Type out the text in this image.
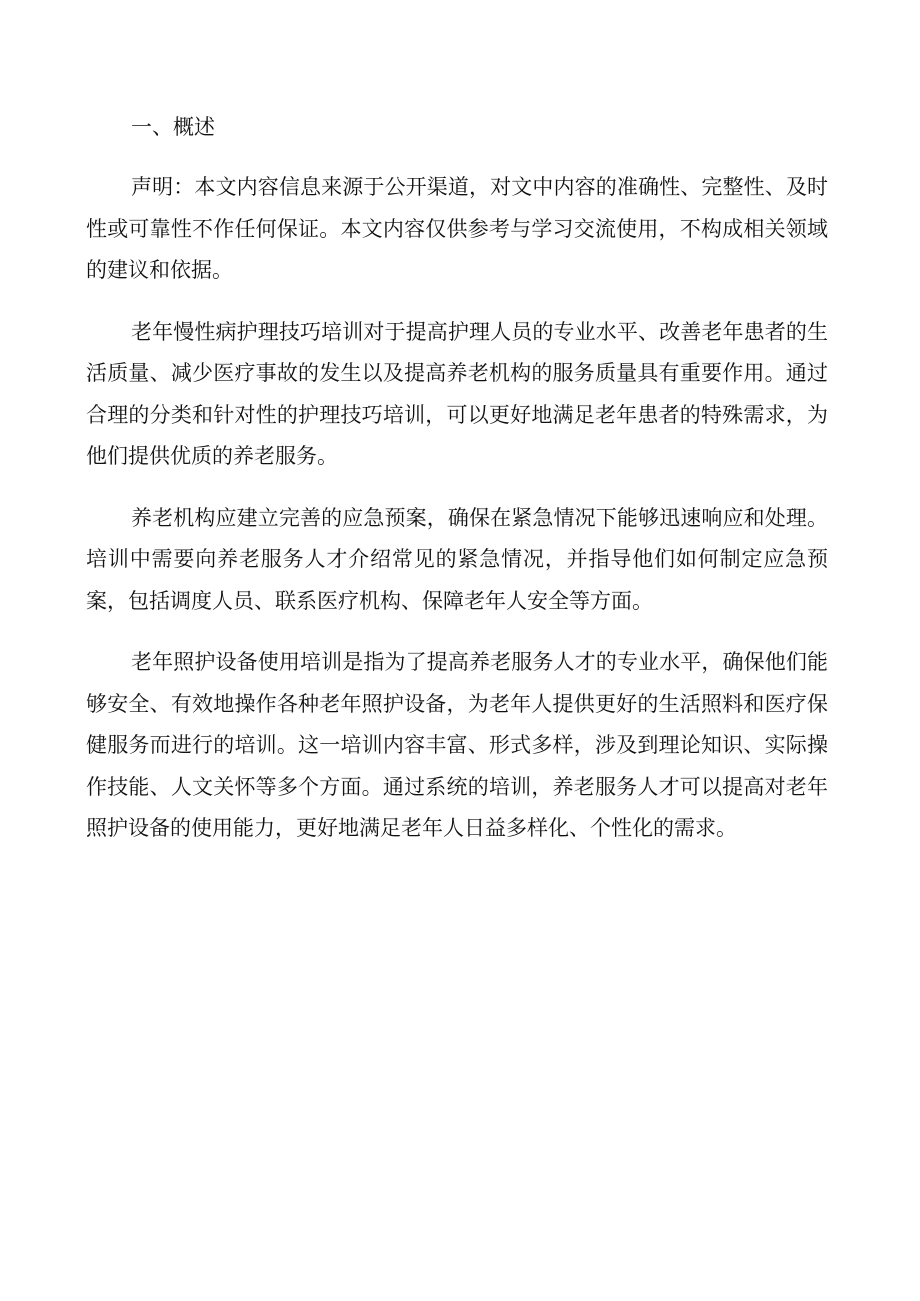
一、概述

声明：本文内容信息来源于公开渠道，对文中内容的准确性、完整性、及时性或可靠性不作任何保证。本文内容仅供参考与学习交流使用，不构成相关领域的建议和依据。

老年慢性病护理技巧培训对于提高护理人员的专业水平、改善老年患者的生活质量、减少医疗事故的发生以及提高养老机构的服务质量具有重要作用。通过合理的分类和针对性的护理技巧培训，可以更好地满足老年患者的特殊需求，为他们提供优质的养老服务。

养老机构应建立完善的应急预案，确保在紧急情况下能够迅速响应和处理。培训中需要向养老服务人才介绍常见的紧急情况，并指导他们如何制定应急预案，包括调度人员、联系医疗机构、保障老年人安全等方面。

老年照护设备使用培训是指为了提高养老服务人才的专业水平，确保他们能够安全、有效地操作各种老年照护设备，为老年人提供更好的生活照料和医疗保健服务而进行的培训。这一培训内容丰富、形式多样，涉及到理论知识、实际操作技能、人文关怀等多个方面。通过系统的培训，养老服务人才可以提高对老年照护设备的使用能力，更好地满足老年人日益多样化、个性化的需求。
